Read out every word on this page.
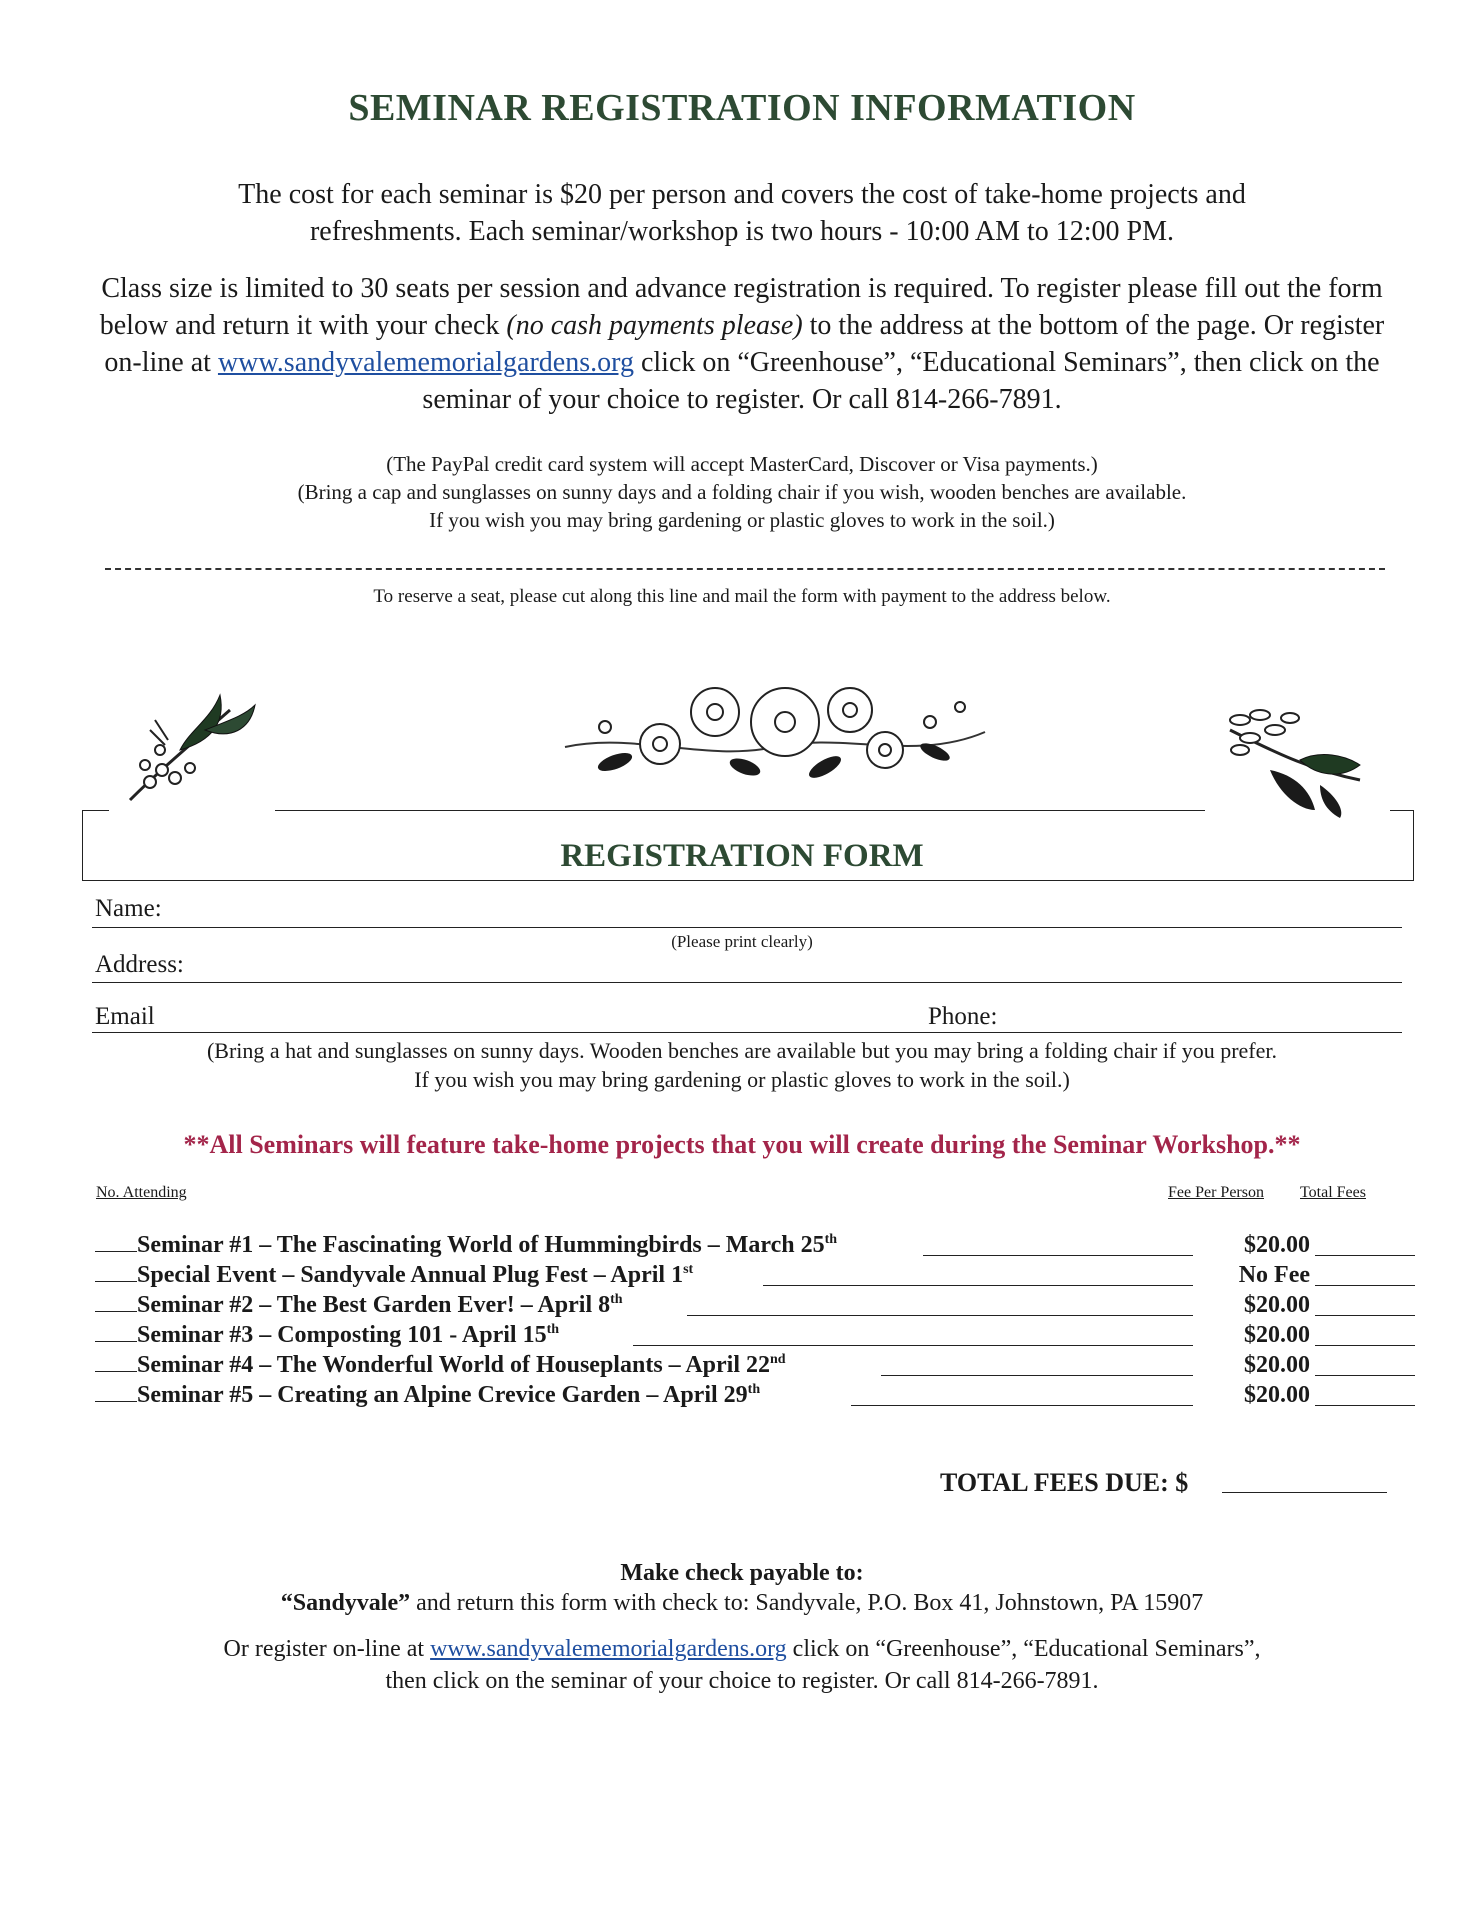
SEMINAR REGISTRATION INFORMATION
The cost for each seminar is $20 per person and covers the cost of take-home projects and
refreshments. Each seminar/workshop is two hours - 10:00 AM to 12:00 PM.
Class size is limited to 30 seats per session and advance registration is required. To register please fill out the form below and return it with your check (no cash payments please) to the address at the bottom of the page. Or register on-line at www.sandyvalememorialgardens.org click on “Greenhouse”, “Educational Seminars”, then click on the seminar of your choice to register. Or call 814-266-7891.
(The PayPal credit card system will accept MasterCard, Discover or Visa payments.)
(Bring a cap and sunglasses on sunny days and a folding chair if you wish, wooden benches are available.
If you wish you may bring gardening or plastic gloves to work in the soil.)
To reserve a seat, please cut along this line and mail the form with payment to the address below.
REGISTRATION FORM
Name:
(Please print clearly)
Address:
Email	Phone:
(Bring a hat and sunglasses on sunny days. Wooden benches are available but you may bring a folding chair if you prefer.
If you wish you may bring gardening or plastic gloves to work in the soil.)
**All Seminars will feature take-home projects that you will create during the Seminar Workshop.**
No. Attending	Fee Per Person Total Fees
Seminar #1 – The Fascinating World of Hummingbirds – March 25th	$20.00
Special Event – Sandyvale Annual Plug Fest – April 1st	No Fee
Seminar #2 – The Best Garden Ever! – April 8th	$20.00
Seminar #3 – Composting 101 - April 15th	$20.00
Seminar #4 – The Wonderful World of Houseplants – April 22nd	$20.00
Seminar #5 – Creating an Alpine Crevice Garden – April 29th	$20.00
TOTAL FEES DUE: $
Make check payable to:
“Sandyvale” and return this form with check to: Sandyvale, P.O. Box 41, Johnstown, PA 15907
Or register on-line at www.sandyvalememorialgardens.org click on “Greenhouse”, “Educational Seminars”,
then click on the seminar of your choice to register. Or call 814-266-7891.
